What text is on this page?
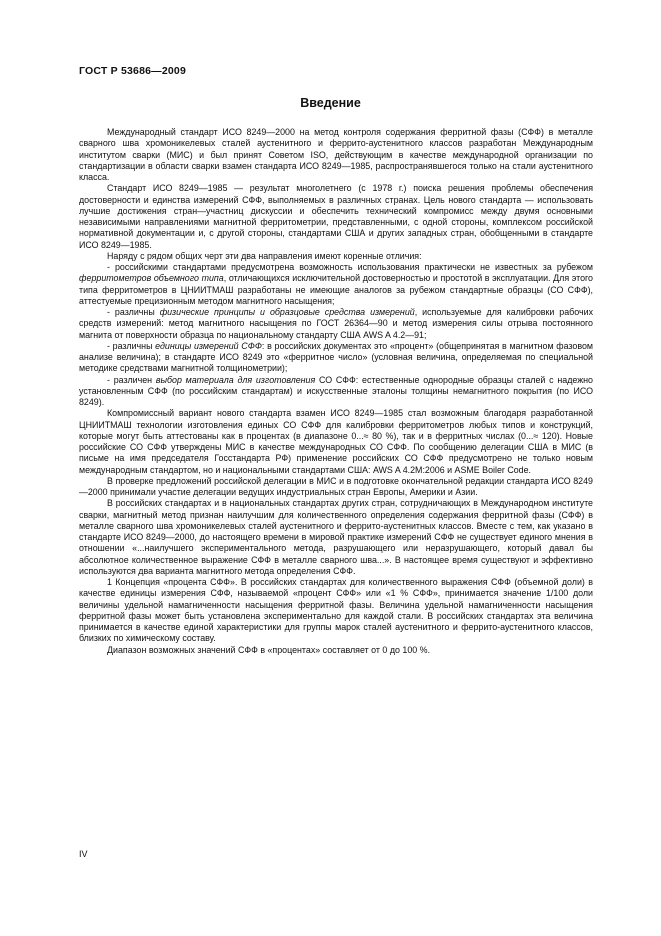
ГОСТ Р 53686—2009
Введение

Международный стандарт ИСО 8249—2000 на метод контроля содержания ферритной фазы (СФФ) в металле сварного шва хромоникелевых сталей аустенитного и феррито-аустенитного классов разработан Международным институтом сварки (МИС) и был принят Советом ISO, действующим в качестве международной организации по стандартизации в области сварки взамен стандарта ИСО 8249—1985, распространявшегося только на стали аустенитного класса.

Стандарт ИСО 8249—1985 — результат многолетнего (с 1978 г.) поиска решения проблемы обеспечения достоверности и единства измерений СФФ, выполняемых в различных странах. Цель нового стандарта — использовать лучшие достижения стран—участниц дискуссии и обеспечить технический компромисс между двумя основными независимыми направлениями магнитной ферритометрии, представленными, с одной стороны, комплексом российской нормативной документации и, с другой стороны, стандартами США и других западных стран, обобщенными в стандарте ИСО 8249—1985.

Наряду с рядом общих черт эти два направления имеют коренные отличия:

- российскими стандартами предусмотрена возможность использования практически не известных за рубежом ферритометров объемного типа, отличающихся исключительной достоверностью и простотой в эксплуатации. Для этого типа ферритометров в ЦНИИТМАШ разработаны не имеющие аналогов за рубежом стандартные образцы (СО СФФ), аттестуемые прецизионным методом магнитного насыщения;

- различны физические принципы и образцовые средства измерений, используемые для калибровки рабочих средств измерений: метод магнитного насыщения по ГОСТ 26364—90 и метод измерения силы отрыва постоянного магнита от поверхности образца по национальному стандарту США AWS A 4.2—91;

- различны единицы измерений СФФ: в российских документах это «процент» (общепринятая в магнитном фазовом анализе величина); в стандарте ИСО 8249 это «ферритное число» (условная величина, определяемая по специальной методике средствами магнитной толщинометрии);

- различен выбор материала для изготовления СО СФФ: естественные однородные образцы сталей с надежно установленным СФФ (по российским стандартам) и искусственные эталоны толщины немагнитного покрытия (по ИСО 8249).

Компромиссный вариант нового стандарта взамен ИСО 8249—1985 стал возможным благодаря разработанной ЦНИИТМАШ технологии изготовления единых СО СФФ для калибровки ферритометров любых типов и конструкций, которые могут быть аттестованы как в процентах (в диапазоне 0...≈ 80 %), так и в ферритных числах (0...≈ 120). Новые российские СО СФФ утверждены МИС в качестве международных СО СФФ. По сообщению делегации США в МИС (в письме на имя председателя Госстандарта РФ) применение российских СО СФФ предусмотрено не только новым международным стандартом, но и национальными стандартами США: AWS A 4.2M:2006 и ASME Boiler Code.

В проверке предложений российской делегации в МИС и в подготовке окончательной редакции стандарта ИСО 8249—2000 принимали участие делегации ведущих индустриальных стран Европы, Америки и Азии.

В российских стандартах и в национальных стандартах других стран, сотрудничающих в Международном институте сварки, магнитный метод признан наилучшим для количественного определения содержания ферритной фазы (СФФ) в металле сварного шва хромоникелевых сталей аустенитного и феррито-аустенитных классов. Вместе с тем, как указано в стандарте ИСО 8249—2000, до настоящего времени в мировой практике измерений СФФ не существует единого мнения в отношении «...наилучшего экспериментального метода, разрушающего или неразрушающего, который давал бы абсолютное количественное выражение СФФ в металле сварного шва...». В настоящее время существуют и эффективно используются два варианта магнитного метода определения СФФ.

1 Концепция «процента СФФ». В российских стандартах для количественного выражения СФФ (объемной доли) в качестве единицы измерения СФФ, называемой «процент СФФ» или «1 % СФФ», принимается значение 1/100 доли величины удельной намагниченности насыщения ферритной фазы. Величина удельной намагниченности насыщения ферритной фазы может быть установлена экспериментально для каждой стали. В российских стандартах эта величина принимается в качестве единой характеристики для группы марок сталей аустенитного и феррито-аустенитного классов, близких по химическому составу.

Диапазон возможных значений СФФ в «процентах» составляет от 0 до 100 %.

IV
